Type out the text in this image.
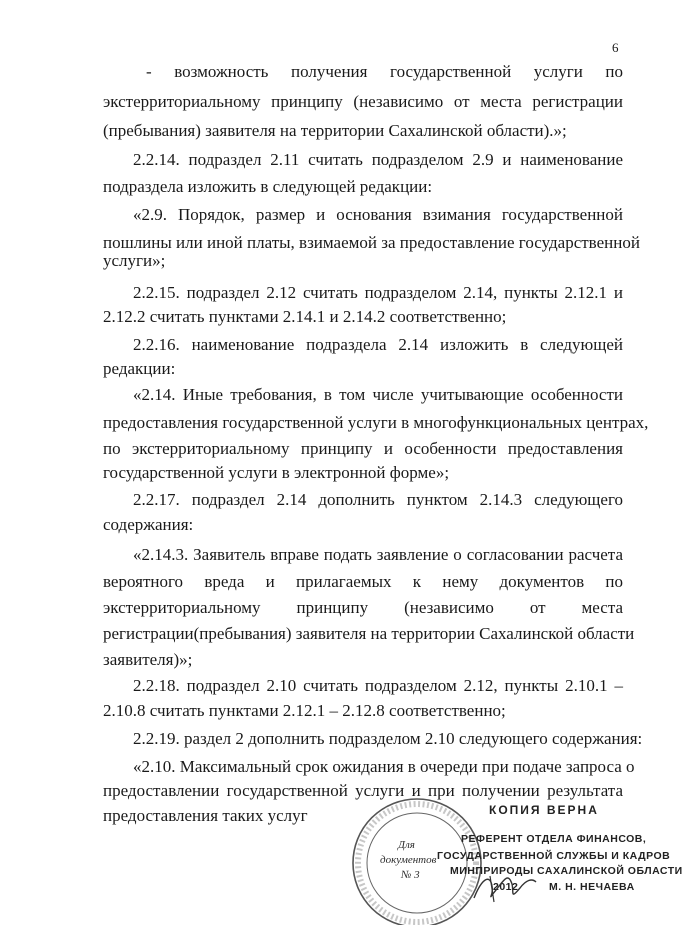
6
- возможность получения государственной услуги по
экстерриториальному принципу (независимо от места регистрации
(пребывания) заявителя на территории Сахалинской области).»;
2.2.14. подраздел 2.11 считать подразделом 2.9 и наименование
подраздела изложить в следующей редакции:
«2.9. Порядок, размер и основания взимания государственной
пошлины или иной платы, взимаемой за предоставление государственной
услуги»;
2.2.15. подраздел 2.12 считать подразделом 2.14, пункты 2.12.1 и
2.12.2 считать пунктами 2.14.1 и 2.14.2 соответственно;
2.2.16. наименование подраздела 2.14 изложить в следующей
редакции:
«2.14. Иные требования, в том числе учитывающие особенности
предоставления государственной услуги в многофункциональных центрах,
по экстерриториальному принципу и особенности предоставления
государственной услуги в электронной форме»;
2.2.17. подраздел 2.14 дополнить пунктом 2.14.3 следующего
содержания:
«2.14.3. Заявитель вправе подать заявление о согласовании расчета
вероятного вреда и прилагаемых к нему документов по
экстерриториальному принципу (независимо от места
регистрации(пребывания) заявителя на территории Сахалинской области
заявителя)»;
2.2.18. подраздел 2.10 считать подразделом 2.12, пункты 2.10.1 –
2.10.8 считать пунктами 2.12.1 – 2.12.8 соответственно;
2.2.19. раздел 2 дополнить подразделом 2.10 следующего содержания:
«2.10. Максимальный срок ожидания в очереди при подаче запроса о
предоставлении государственной услуги и при получении результата
предоставления таких услуг
Для
документов
№ 3
КОПИЯ ВЕРНА
РЕФЕРЕНТ ОТДЕЛА ФИНАНСОВ,
ГОСУДАРСТВЕННОЙ СЛУЖБЫ И КАДРОВ
МИНПРИРОДЫ САХАЛИНСКОЙ ОБЛАСТИ
2012	М. Н. НЕЧАЕВА
